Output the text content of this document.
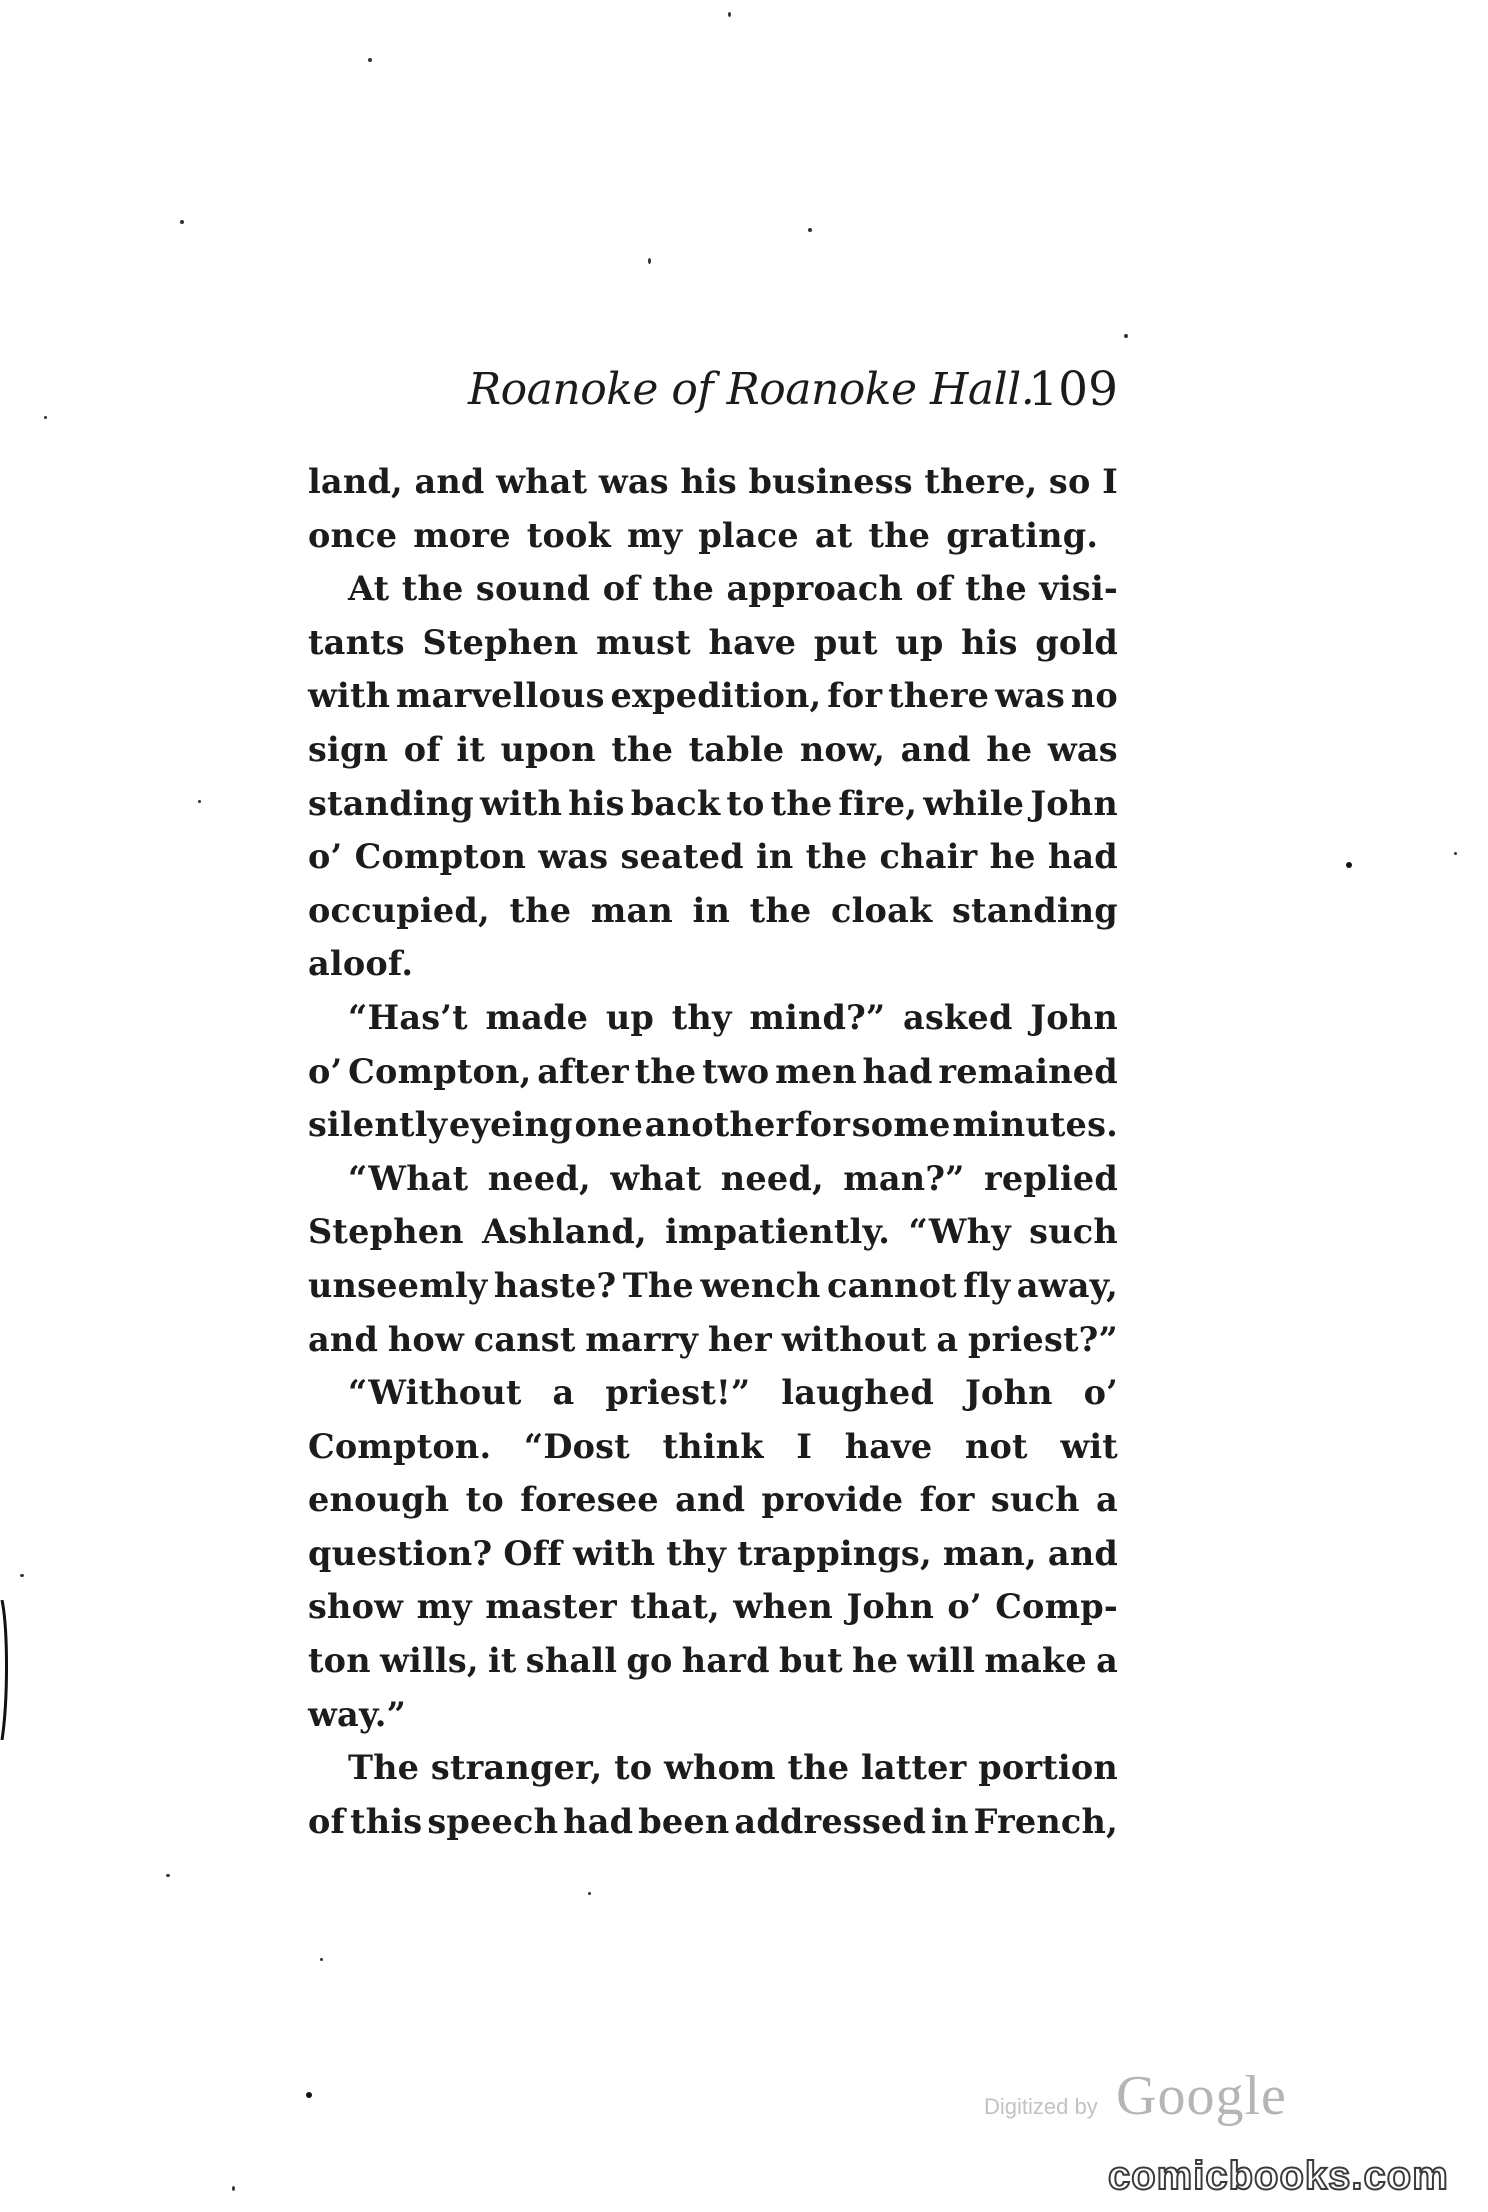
Roanoke of Roanoke Hall.
109
land, and what was his business there, so I
once more took my place at the grating.
At the sound of the approach of the visi-
tants Stephen must have put up his gold
with marvellous expedition, for there was no
sign of it upon the table now, and he was
standing with his back to the fire, while John
o’ Compton was seated in the chair he had
occupied, the man in the cloak standing
aloof.
“Has’t made up thy mind?” asked John
o’ Compton, after the two men had remained
silently eyeing one another for some minutes.
“What need, what need, man?” replied
Stephen Ashland, impatiently. “Why such
unseemly haste? The wench cannot fly away,
and how canst marry her without a priest?”
“Without a priest!” laughed John o’
Compton. “Dost think I have not wit
enough to foresee and provide for such a
question? Off with thy trappings, man, and
show my master that, when John o’ Comp-
ton wills, it shall go hard but he will make a
way.”
The stranger, to whom the latter portion
of this speech had been addressed in French,
Digitized by Google
comicbooks.com
